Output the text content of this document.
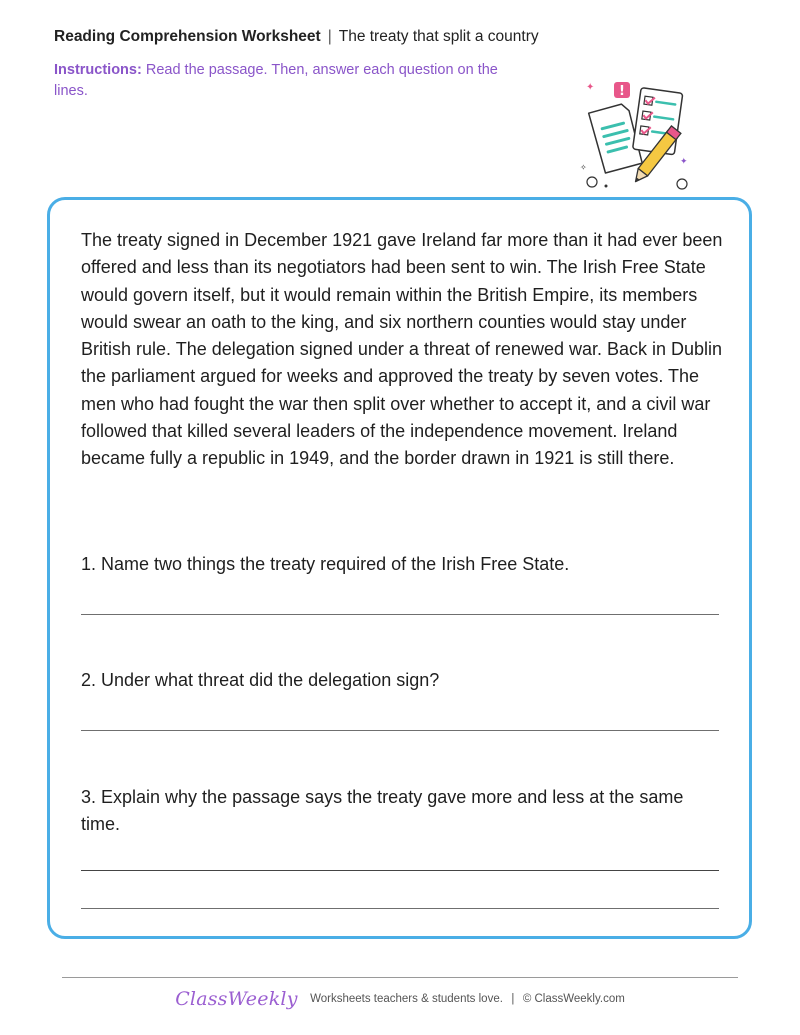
Reading Comprehension Worksheet | The treaty that split a country
Instructions: Read the passage. Then, answer each question on the lines.	!
✦
✦
✧

The treaty signed in December 1921 gave Ireland far more than it had ever been offered and less than its negotiators had been sent to win. The Irish Free State would govern itself, but it would remain within the British Empire, its members would swear an oath to the king, and six northern counties would stay under British rule. The delegation signed under a threat of renewed war. Back in Dublin the parliament argued for weeks and approved the treaty by seven votes. The men who had fought the war then split over whether to accept it, and a civil war followed that killed several leaders of the independence movement. Ireland became fully a republic in 1949, and the border drawn in 1921 is still there.

1. Name two things the treaty required of the Irish Free State.
2. Under what threat did the delegation sign?
3. Explain why the passage says the treaty gave more and less at the same time.
ClassWeekly Worksheets teachers & students love. | © ClassWeekly.com
